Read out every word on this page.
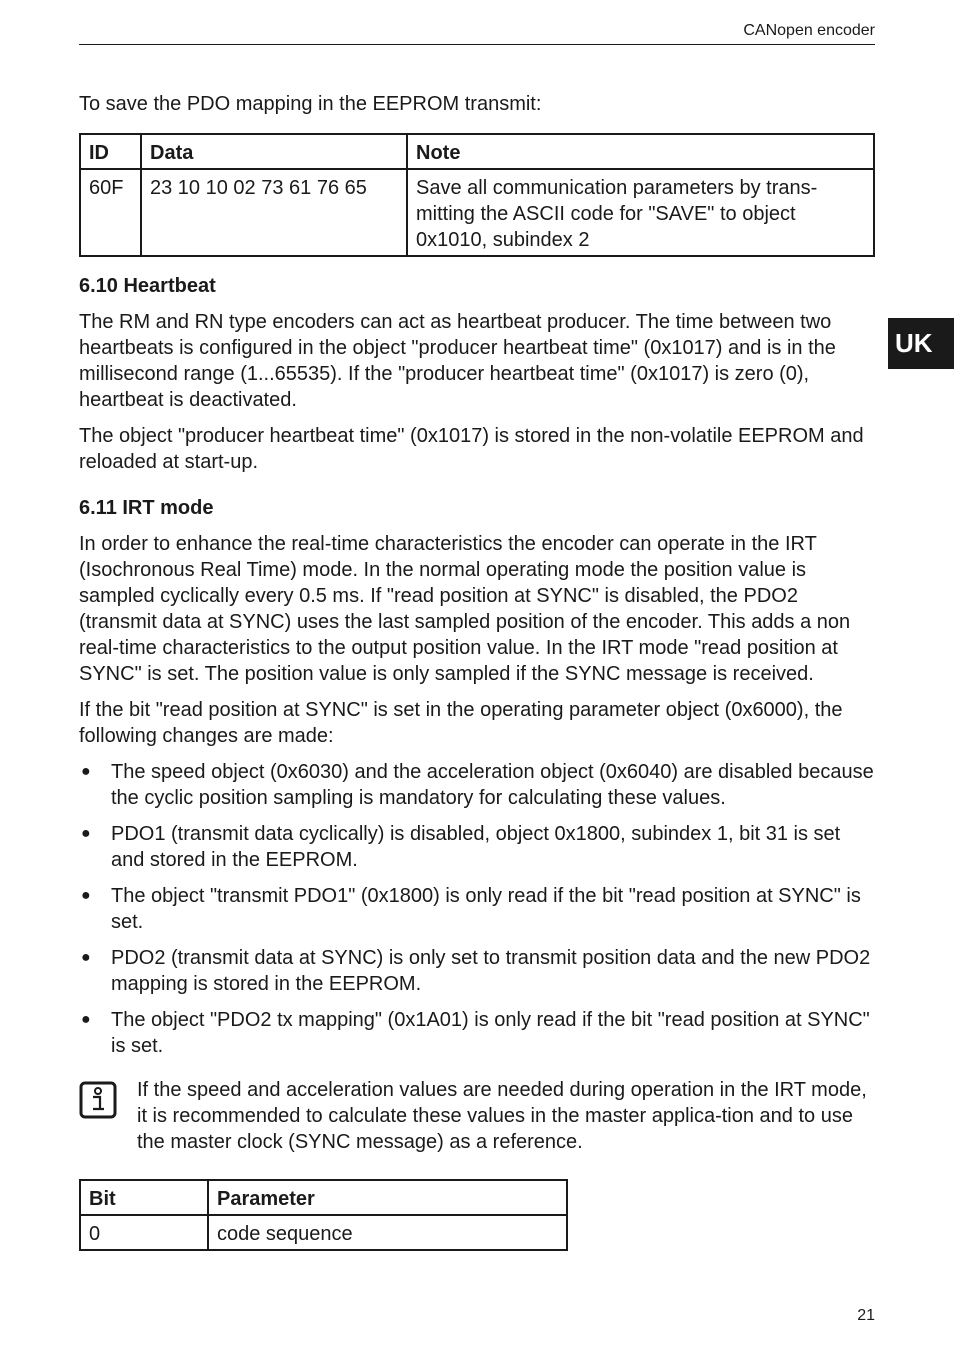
CANopen encoder
UK

To save the PDO mapping in the EEPROM transmit:

ID	Data	Note
60F	23 10 10 02 73 61 76 65	Save all communication parameters by trans-mitting the ASCII code for "SAVE" to object 0x1010, subindex 2
6.10 Heartbeat

The RM and RN type encoders can act as heartbeat producer. The time between two heartbeats is configured in the object "producer heartbeat time" (0x1017) and is in the millisecond range (1...65535). If the "producer heartbeat time" (0x1017) is zero (0), heartbeat is deactivated.

The object "producer heartbeat time" (0x1017) is stored in the non-volatile EEPROM and reloaded at start-up.

6.11 IRT mode

In order to enhance the real-time characteristics the encoder can operate in the IRT (Isochronous Real Time) mode. In the normal operating mode the position value is sampled cyclically every 0.5 ms. If "read position at SYNC" is disabled, the PDO2 (transmit data at SYNC) uses the last sampled position of the encoder. This adds a non real-time characteristics to the output position value. In the IRT mode "read position at SYNC" is set. The position value is only sampled if the SYNC message is received.

If the bit "read position at SYNC" is set in the operating parameter object (0x6000), the following changes are made:

● The speed object (0x6030) and the acceleration object (0x6040) are disabled because the cyclic position sampling is mandatory for calculating these values.
● PDO1 (transmit data cyclically) is disabled, object 0x1800, subindex 1, bit 31 is set and stored in the EEPROM.
● The object "transmit PDO1" (0x1800) is only read if the bit "read position at SYNC" is set.
● PDO2 (transmit data at SYNC) is only set to transmit position data and the new PDO2 mapping is stored in the EEPROM.
● The object "PDO2 tx mapping" (0x1A01) is only read if the bit "read position at SYNC" is set.

If the speed and acceleration values are needed during operation in the IRT mode, it is recommended to calculate these values in the master applica-tion and to use the master clock (SYNC message) as a reference.

Bit	Parameter
0	code sequence
21
